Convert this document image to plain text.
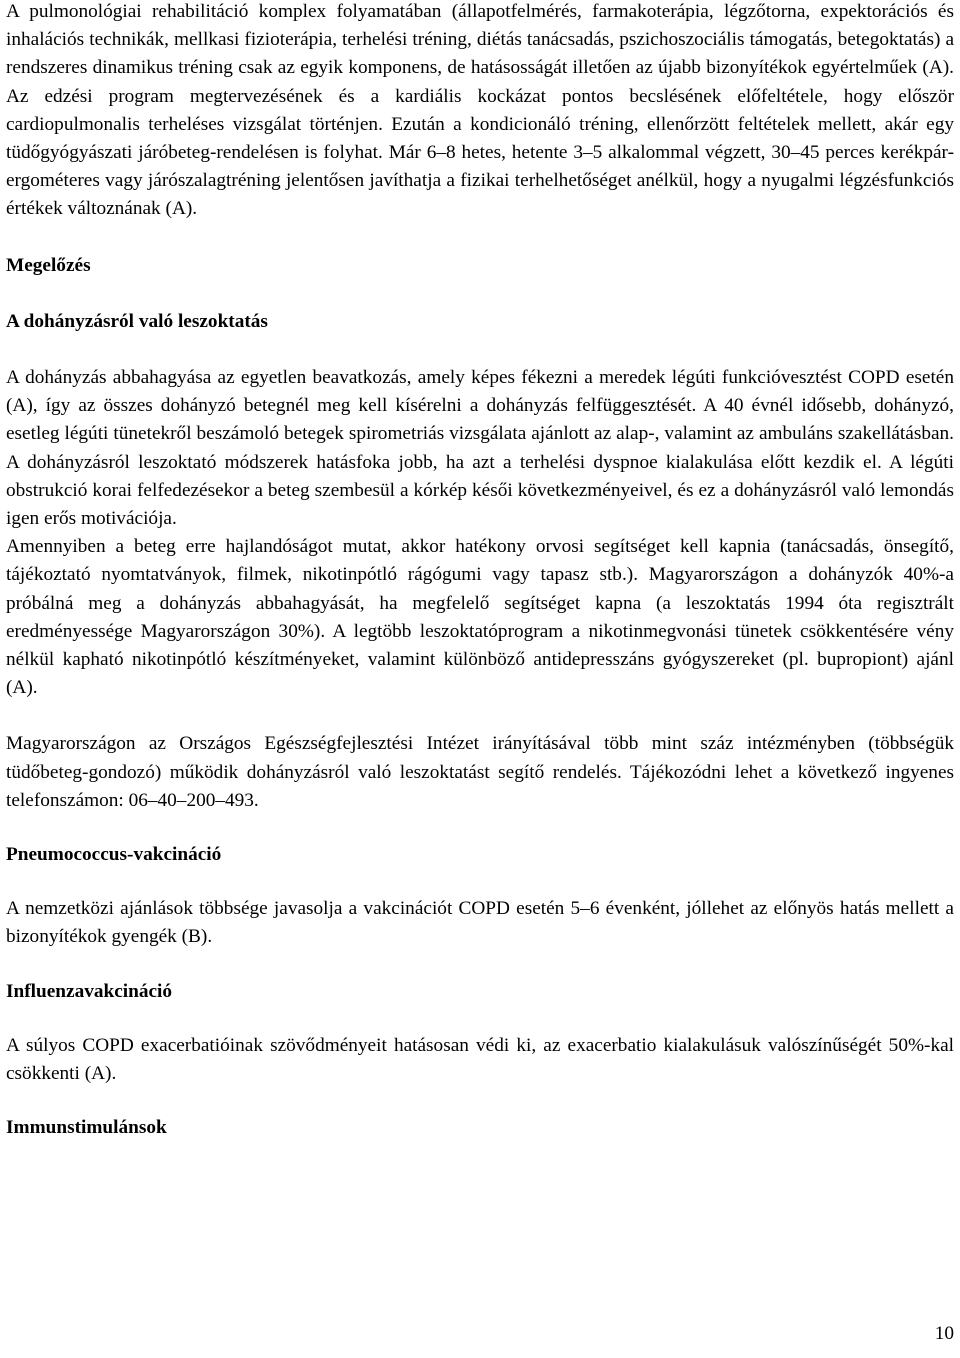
A pulmonológiai rehabilitáció komplex folyamatában (állapotfelmérés, farmakoterápia, légzőtorna, expektorációs és inhalációs technikák, mellkasi fizioterápia, terhelési tréning, diétás tanácsadás, pszichoszociális támogatás, betegoktatás) a rendszeres dinamikus tréning csak az egyik komponens, de hatásosságát illetően az újabb bizonyítékok egyértelműek (A). Az edzési program megtervezésének és a kardiális kockázat pontos becslésének előfeltétele, hogy először cardiopulmonalis terheléses vizsgálat történjen. Ezután a kondicionáló tréning, ellenőrzött feltételek mellett, akár egy tüdőgyógyászati járóbeteg-rendelésen is folyhat. Már 6–8 hetes, hetente 3–5 alkalommal végzett, 30–45 perces kerékpár-ergométeres vagy járószalagtréning jelentősen javíthatja a fizikai terhelhetőséget anélkül, hogy a nyugalmi légzésfunkciós értékek változnának (A).

Megelőzés
A dohányzásról való leszoktatás

A dohányzás abbahagyása az egyetlen beavatkozás, amely képes fékezni a meredek légúti funkcióvesztést COPD esetén (A), így az összes dohányzó betegnél meg kell kísérelni a dohányzás felfüggesztését. A 40 évnél idősebb, dohányzó, esetleg légúti tünetekről beszámoló betegek spirometriás vizsgálata ajánlott az alap-, valamint az ambuláns szakellátásban. A dohányzásról leszoktató módszerek hatásfoka jobb, ha azt a terhelési dyspnoe kialakulása előtt kezdik el. A légúti obstrukció korai felfedezésekor a beteg szembesül a kórkép késői következményeivel, és ez a dohányzásról való lemondás igen erős motivációja.

Amennyiben a beteg erre hajlandóságot mutat, akkor hatékony orvosi segítséget kell kapnia (tanácsadás, önsegítő, tájékoztató nyomtatványok, filmek, nikotinpótló rágógumi vagy tapasz stb.). Magyarországon a dohányzók 40%-a próbálná meg a dohányzás abbahagyását, ha megfelelő segítséget kapna (a leszoktatás 1994 óta regisztrált eredményessége Magyarországon 30%). A legtöbb leszoktatóprogram a nikotinmegvonási tünetek csökkentésére vény nélkül kapható nikotinpótló készítményeket, valamint különböző antidepresszáns gyógyszereket (pl. bupropiont) ajánl (A).

Magyarországon az Országos Egészségfejlesztési Intézet irányításával több mint száz intézményben (többségük tüdőbeteg-gondozó) működik dohányzásról való leszoktatást segítő rendelés. Tájékozódni lehet a következő ingyenes telefonszámon: 06–40–200–493.

Pneumococcus-vakcináció

A nemzetközi ajánlások többsége javasolja a vakcinációt COPD esetén 5–6 évenként, jóllehet az előnyös hatás mellett a bizonyítékok gyengék (B).

Influenzavakcináció

A súlyos COPD exacerbatióinak szövődményeit hatásosan védi ki, az exacerbatio kialakulásuk valószínűségét 50%-kal csökkenti (A).

Immunstimulánsok
10
